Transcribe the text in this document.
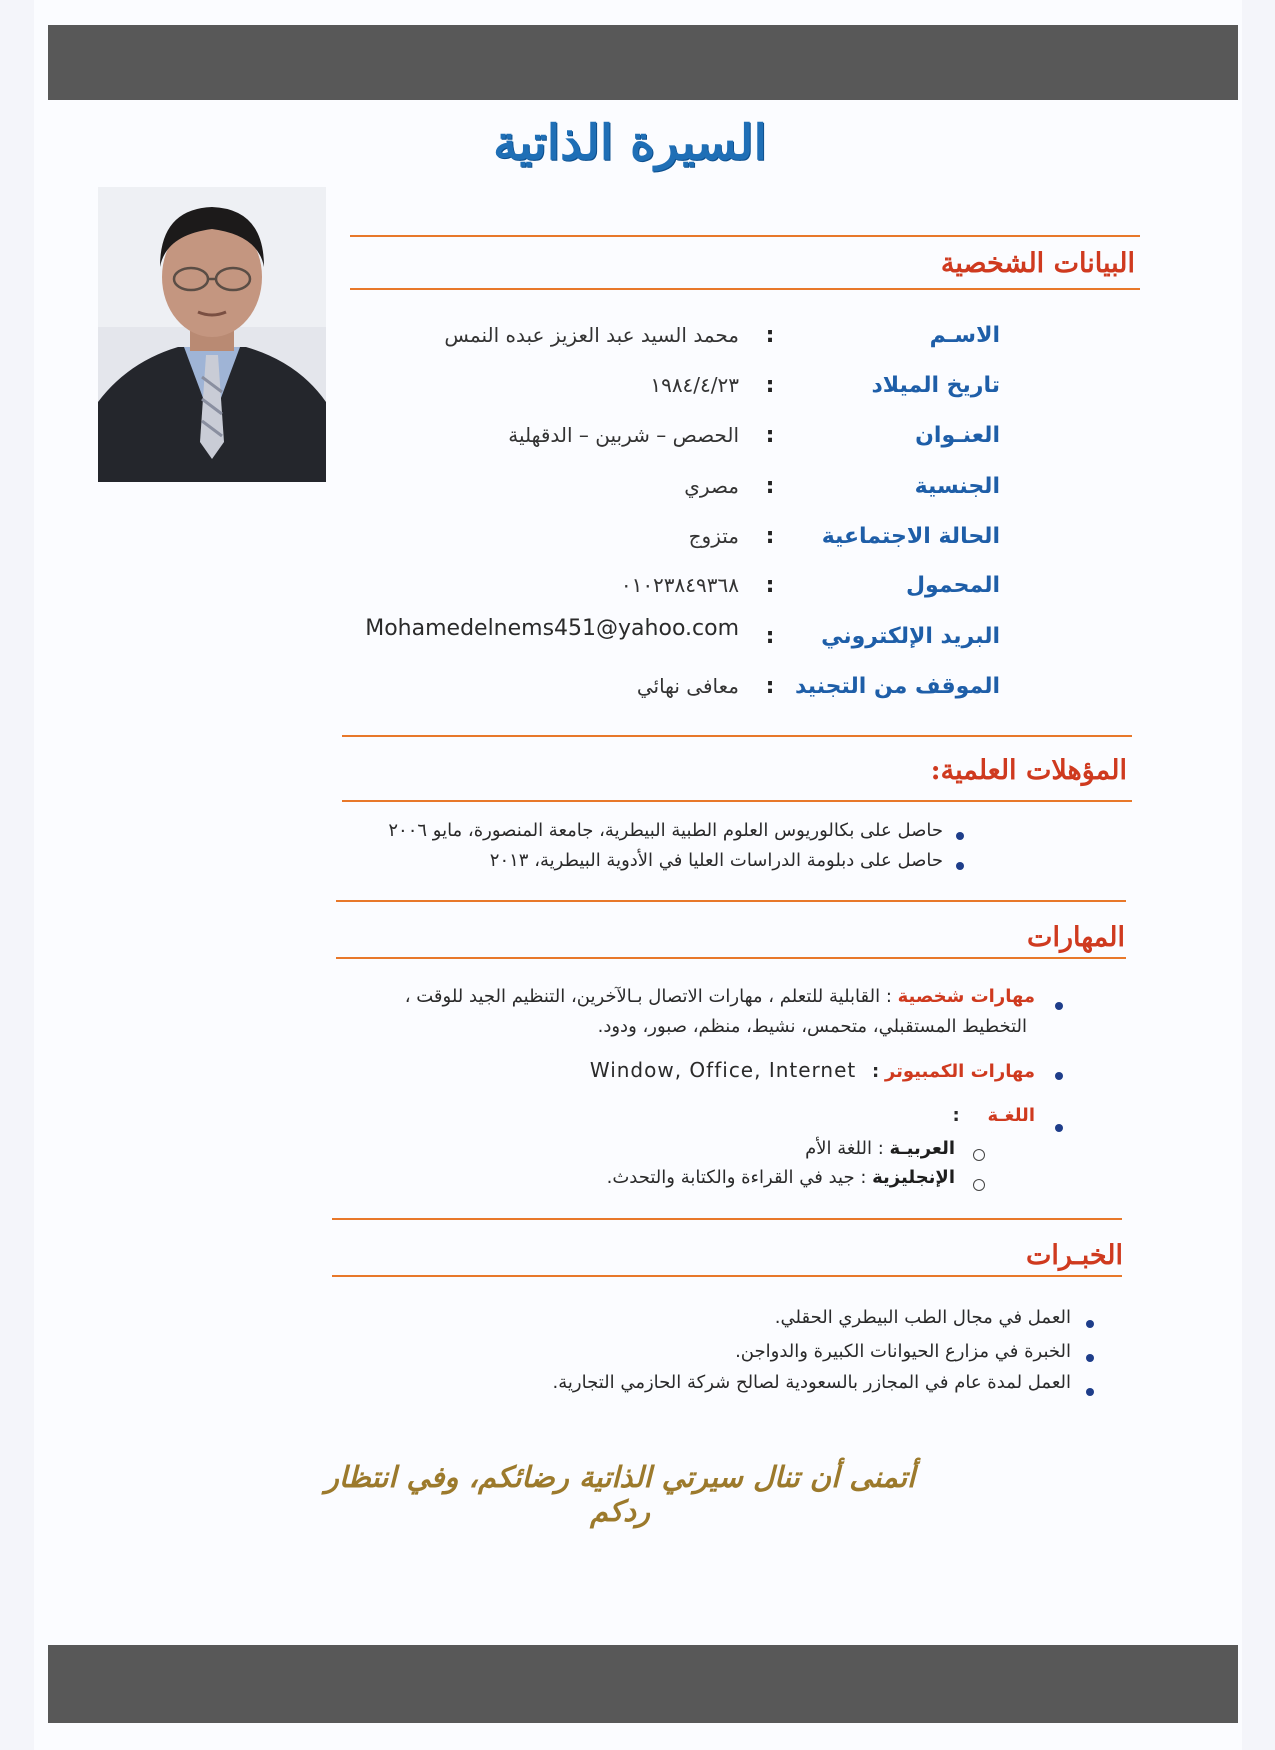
السيرة الذاتية
البيانات الشخصية
الاسـم
:
محمد السيد عبد العزيز عبده النمس
تاريخ الميلاد
:
١٩٨٤/٤/٢٣
العنـوان
:
الحصص – شربين – الدقهلية
الجنسية
:
مصري
الحالة الاجتماعية
:
متزوج
المحمول
:
٠١٠٢٣٨٤٩٣٦٨
البريد الإلكتروني
:
Mohamedelnems451@yahoo.com
الموقف من التجنيد
:
معافى نهائي
المؤهلات العلمية:
حاصل على بكالوريوس العلوم الطبية البيطرية، جامعة المنصورة، مايو ٢٠٠٦
حاصل على دبلومة الدراسات العليا في الأدوية البيطرية، ٢٠١٣
المهارات
مهارات شخصية : القابلية للتعلم ، مهارات الاتصال بـالآخرين، التنظيم الجيد للوقت ،
التخطيط المستقبلي، متحمس، نشيط، منظم، صبور، ودود.
مهارات الكمبيوتر : Window, Office, Internet
اللغـة :
العربيـة : اللغة الأم
الإنجليزية : جيد في القراءة والكتابة والتحدث.
الخبـرات
العمل في مجال الطب البيطري الحقلي.
الخبرة في مزارع الحيوانات الكبيرة والدواجن.
العمل لمدة عام في المجازر بالسعودية لصالح شركة الحازمي التجارية.
أتمنى أن تنال سيرتي الذاتية رضائكم، وفي انتظار ردكم
